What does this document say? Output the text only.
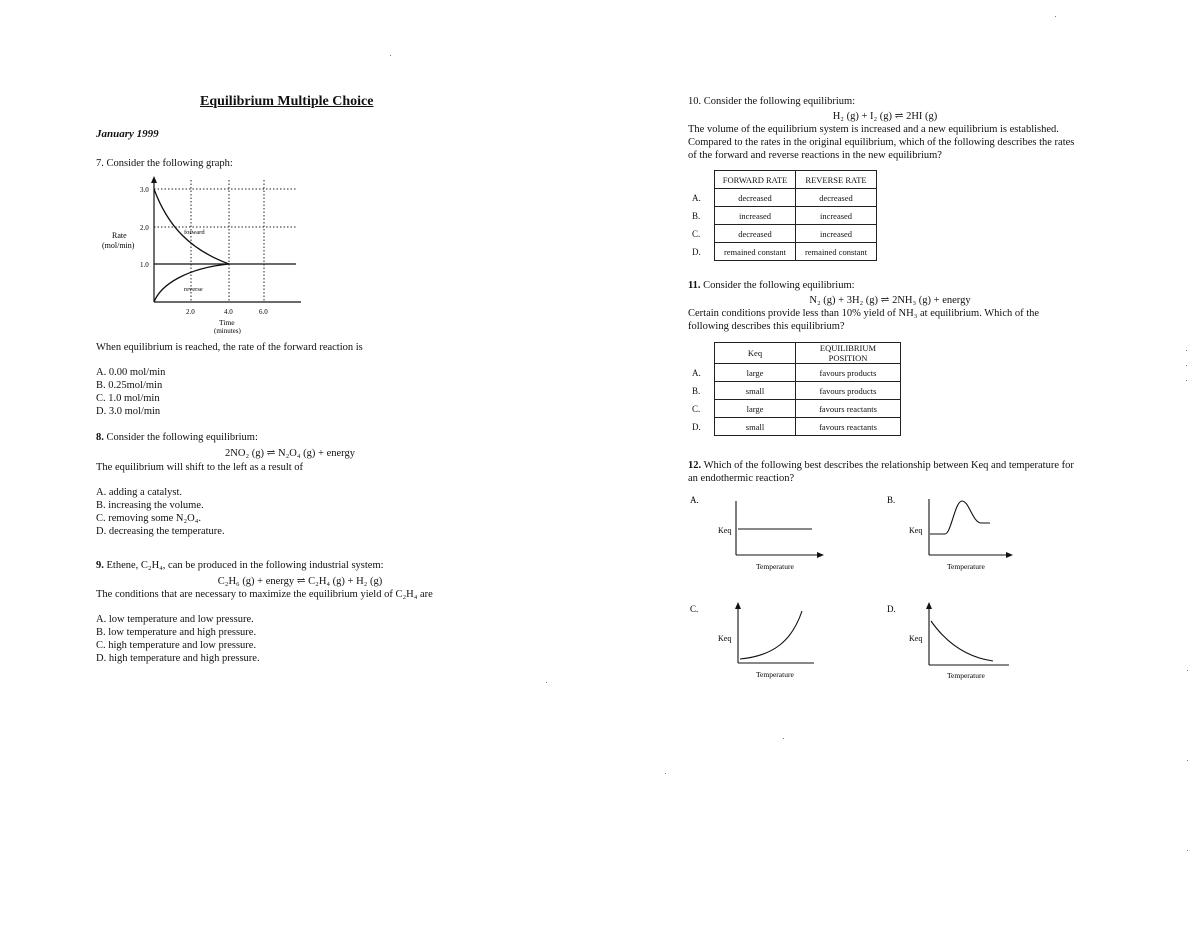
Equilibrium Multiple Choice
January 1999
7. Consider the following graph:
3.0
2.0
1.0
2.0	4.0	6.0
Rate
(mol/min)
forward
reverse
Time
(minutes)
When equilibrium is reached, the rate of the forward reaction is
A. 0.00 mol/min
B. 0.25mol/min
C. 1.0 mol/min
D. 3.0 mol/min
8. Consider the following equilibrium:
2NO₂ (g) ⇌ N₂O₄ (g) + energy
The equilibrium will shift to the left as a result of
A. adding a catalyst.
B. increasing the volume.
C. removing some N₂O₄.
D. decreasing the temperature.
9. Ethene, C₂H₄, can be produced in the following industrial system:
C₂H₆ (g) + energy ⇌ C₂H₄ (g) + H₂ (g)
The conditions that are necessary to maximize the equilibrium yield of C₂H₄ are
A. low temperature and low pressure.
B. low temperature and high pressure.
C. high temperature and low pressure.
D. high temperature and high pressure.
10. Consider the following equilibrium:
H₂ (g) + I₂ (g) ⇌ 2HI (g)
The volume of the equilibrium system is increased and a new equilibrium is established. Compared to the rates in the original equilibrium, which of the following describes the rates of the forward and reverse reactions in the new equilibrium?
	FORWARD RATE	REVERSE RATE
A.	decreased	decreased
B.	increased	increased
C.	decreased	increased
D.	remained constant	remained constant
11. Consider the following equilibrium:
N₂ (g) + 3H₂ (g) ⇌ 2NH₃ (g) + energy
Certain conditions provide less than 10% yield of NH₃ at equilibrium. Which of the following describes this equilibrium?
	Keq	EQUILIBRIUM POSITION
A.	large	favours products
B.	small	favours products
C.	large	favours reactants
D.	small	favours reactants
12. Which of the following best describes the relationship between Keq and temperature for an endothermic reaction?
A.
Keq
Temperature
B.
Keq
Temperature
C.
Keq
Temperature
D.
Keq
Temperature
